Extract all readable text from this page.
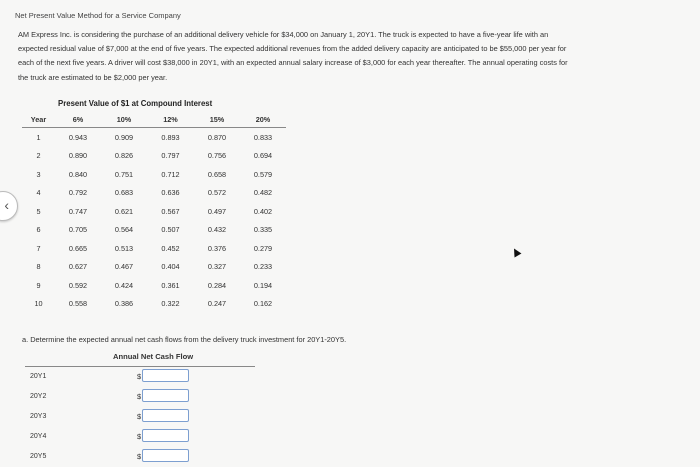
Net Present Value Method for a Service Company
AM Express Inc. is considering the purchase of an additional delivery vehicle for $34,000 on January 1, 20Y1. The truck is expected to have a five-year life with an
expected residual value of $7,000 at the end of five years. The expected additional revenues from the added delivery capacity are anticipated to be $55,000 per year for
each of the next five years. A driver will cost $38,000 in 20Y1, with an expected annual salary increase of $3,000 for each year thereafter. The annual operating costs for
the truck are estimated to be $2,000 per year.
Present Value of $1 at Compound Interest
Year	6%	10%	12%	15%	20%
1	0.943	0.909	0.893	0.870	0.833
2	0.890	0.826	0.797	0.756	0.694
3	0.840	0.751	0.712	0.658	0.579
4	0.792	0.683	0.636	0.572	0.482
5	0.747	0.621	0.567	0.497	0.402
6	0.705	0.564	0.507	0.432	0.335
7	0.665	0.513	0.452	0.376	0.279
8	0.627	0.467	0.404	0.327	0.233
9	0.592	0.424	0.361	0.284	0.194
10	0.558	0.386	0.322	0.247	0.162
‹
a. Determine the expected annual net cash flows from the delivery truck investment for 20Y1-20Y5.
Annual Net Cash Flow
20Y1	$
20Y2	$
20Y3	$
20Y4	$
20Y5	$
